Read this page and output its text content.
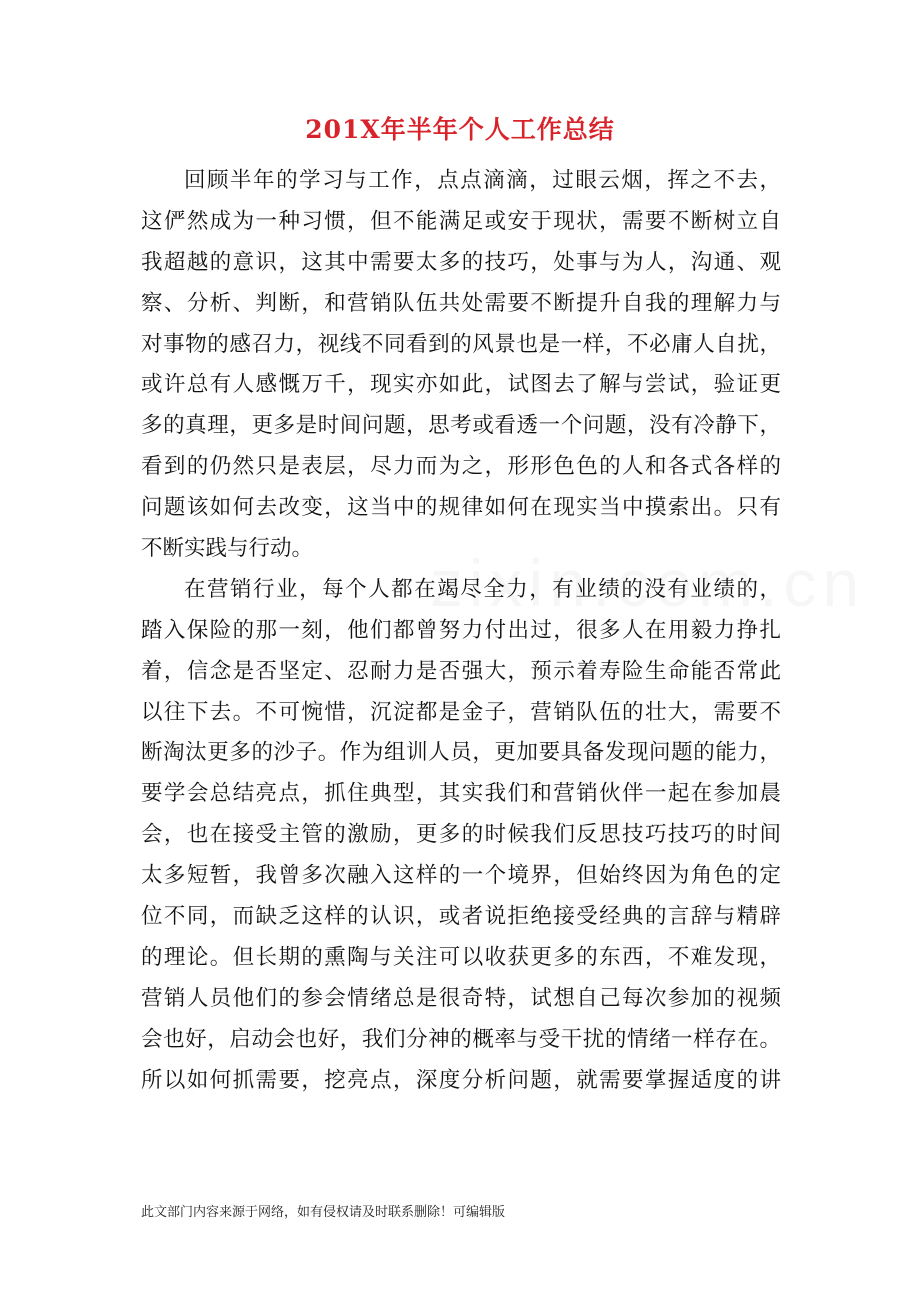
201X年半年个人工作总结
回顾半年的学习与工作，点点滴滴，过眼云烟，挥之不去，
这俨然成为一种习惯，但不能满足或安于现状，需要不断树立自
我超越的意识，这其中需要太多的技巧，处事与为人，沟通、观
察、分析、判断，和营销队伍共处需要不断提升自我的理解力与
对事物的感召力，视线不同看到的风景也是一样，不必庸人自扰，
或许总有人感慨万千，现实亦如此，试图去了解与尝试，验证更
多的真理，更多是时间问题，思考或看透一个问题，没有冷静下，
看到的仍然只是表层，尽力而为之，形形色色的人和各式各样的
问题该如何去改变，这当中的规律如何在现实当中摸索出。只有
不断实践与行动。
在营销行业，每个人都在竭尽全力，有业绩的没有业绩的，
踏入保险的那一刻，他们都曾努力付出过，很多人在用毅力挣扎
着，信念是否坚定、忍耐力是否强大，预示着寿险生命能否常此
以往下去。不可惋惜，沉淀都是金子，营销队伍的壮大，需要不
断淘汰更多的沙子。作为组训人员，更加要具备发现问题的能力，
要学会总结亮点，抓住典型，其实我们和营销伙伴一起在参加晨
会，也在接受主管的激励，更多的时候我们反思技巧技巧的时间
太多短暂，我曾多次融入这样的一个境界，但始终因为角色的定
位不同，而缺乏这样的认识，或者说拒绝接受经典的言辞与精辟
的理论。但长期的熏陶与关注可以收获更多的东西，不难发现，
营销人员他们的参会情绪总是很奇特，试想自己每次参加的视频
会也好，启动会也好，我们分神的概率与受干扰的情绪一样存在。
所以如何抓需要，挖亮点，深度分析问题，就需要掌握适度的讲
此文部门内容来源于网络，如有侵权请及时联系删除！可编辑版
